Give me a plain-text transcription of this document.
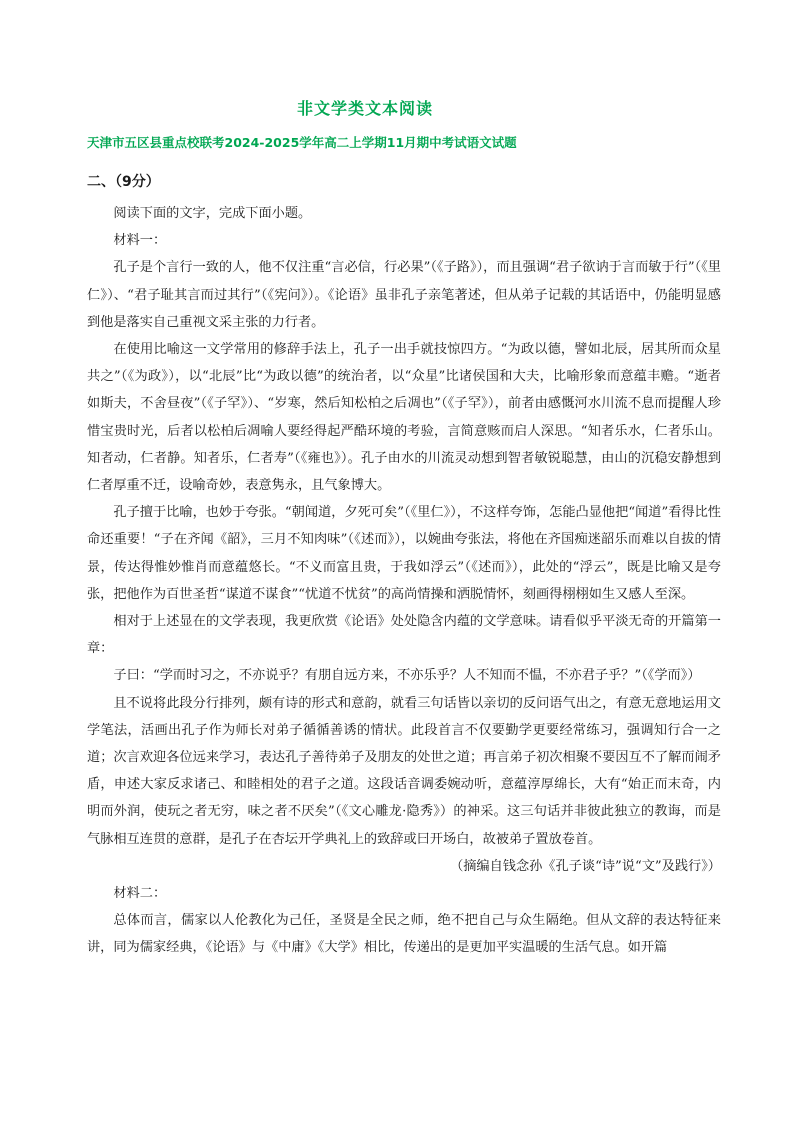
非文学类文本阅读
天津市五区县重点校联考2024-2025学年高二上学期11月期中考试语文试题
二、（9分）

阅读下面的文字，完成下面小题。

材料一：

孔子是个言行一致的人，他不仅注重“言必信，行必果”（《子路》），而且强调“君子欲讷于言而敏于行”（《里仁》）、“君子耻其言而过其行”（《宪问》）。《论语》虽非孔子亲笔著述，但从弟子记载的其话语中，仍能明显感到他是落实自己重视文采主张的力行者。

在使用比喻这一文学常用的修辞手法上，孔子一出手就技惊四方。“为政以德，譬如北辰，居其所而众星共之”（《为政》），以“北辰”比“为政以德”的统治者，以“众星”比诸侯国和大夫，比喻形象而意蕴丰赡。“逝者如斯夫，不舍昼夜”（《子罕》）、“岁寒，然后知松柏之后凋也”（《子罕》），前者由感慨河水川流不息而提醒人珍惜宝贵时光，后者以松柏后凋喻人要经得起严酷环境的考验，言简意赅而启人深思。“知者乐水，仁者乐山。知者动，仁者静。知者乐，仁者寿”（《雍也》）。孔子由水的川流灵动想到智者敏锐聪慧，由山的沉稳安静想到仁者厚重不迁，设喻奇妙，表意隽永，且气象博大。

孔子擅于比喻，也妙于夸张。“朝闻道，夕死可矣”（《里仁》），不这样夸饰，怎能凸显他把“闻道”看得比性命还重要！“子在齐闻《韶》，三月不知肉味”（《述而》），以婉曲夸张法，将他在齐国痴迷韶乐而难以自拔的情景，传达得惟妙惟肖而意蕴悠长。“不义而富且贵，于我如浮云”（《述而》），此处的“浮云”，既是比喻又是夸张，把他作为百世圣哲“谋道不谋食”“忧道不忧贫”的高尚情操和洒脱情怀，刻画得栩栩如生又感人至深。

相对于上述显在的文学表现，我更欣赏《论语》处处隐含内蕴的文学意味。请看似乎平淡无奇的开篇第一章：

子曰：“学而时习之，不亦说乎？有朋自远方来，不亦乐乎？人不知而不愠，不亦君子乎？”（《学而》）

且不说将此段分行排列，颇有诗的形式和意韵，就看三句话皆以亲切的反问语气出之，有意无意地运用文学笔法，活画出孔子作为师长对弟子循循善诱的情状。此段首言不仅要勤学更要经常练习，强调知行合一之道；次言欢迎各位远来学习，表达孔子善待弟子及朋友的处世之道；再言弟子初次相聚不要因互不了解而闹矛盾，申述大家反求诸己、和睦相处的君子之道。这段话音调委婉动听，意蕴淳厚绵长，大有“始正而末奇，内明而外润，使玩之者无穷，味之者不厌矣”（《文心雕龙·隐秀》）的神采。这三句话并非彼此独立的教诲，而是气脉相互连贯的意群，是孔子在杏坛开学典礼上的致辞或曰开场白，故被弟子置放卷首。

（摘编自钱念孙《孔子谈“诗”说“文”及践行》）

材料二：

总体而言，儒家以人伦教化为己任，圣贤是全民之师，绝不把自己与众生隔绝。但从文辞的表达特征来讲，同为儒家经典，《论语》与《中庸》《大学》相比，传递出的是更加平实温暖的生活气息。如开篇
